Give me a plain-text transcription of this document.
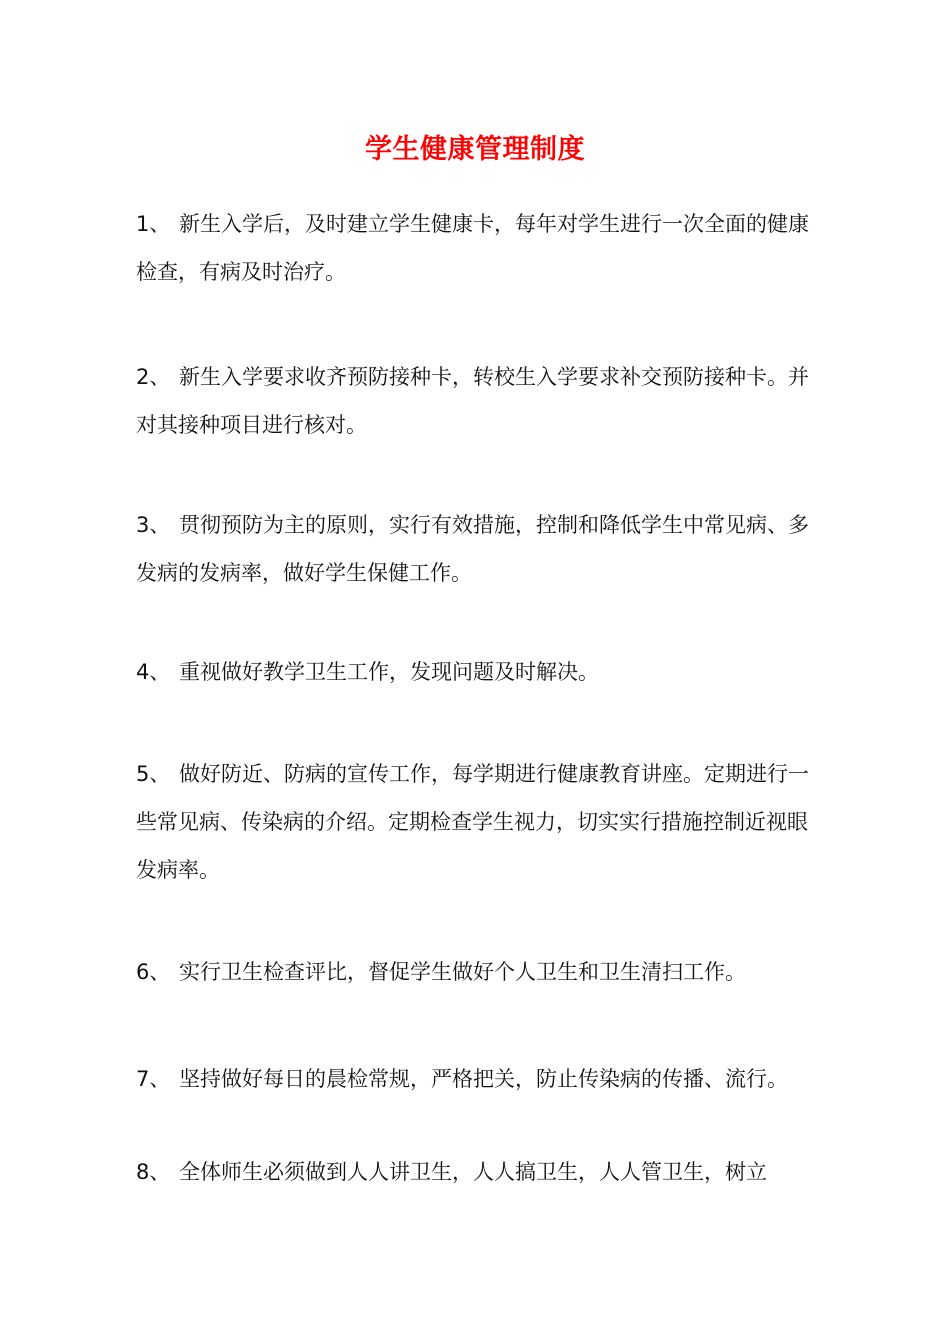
学生健康管理制度

1、 新生入学后，及时建立学生健康卡，每年对学生进行一次全面的健康检查，有病及时治疗。

2、 新生入学要求收齐预防接种卡，转校生入学要求补交预防接种卡。并对其接种项目进行核对。

3、 贯彻预防为主的原则，实行有效措施，控制和降低学生中常见病、多发病的发病率，做好学生保健工作。

4、 重视做好教学卫生工作，发现问题及时解决。

5、 做好防近、防病的宣传工作，每学期进行健康教育讲座。定期进行一些常见病、传染病的介绍。定期检查学生视力，切实实行措施控制近视眼发病率。

6、 实行卫生检查评比，督促学生做好个人卫生和卫生清扫工作。

7、 坚持做好每日的晨检常规，严格把关，防止传染病的传播、流行。

8、 全体师生必须做到人人讲卫生，人人搞卫生，人人管卫生，树立
